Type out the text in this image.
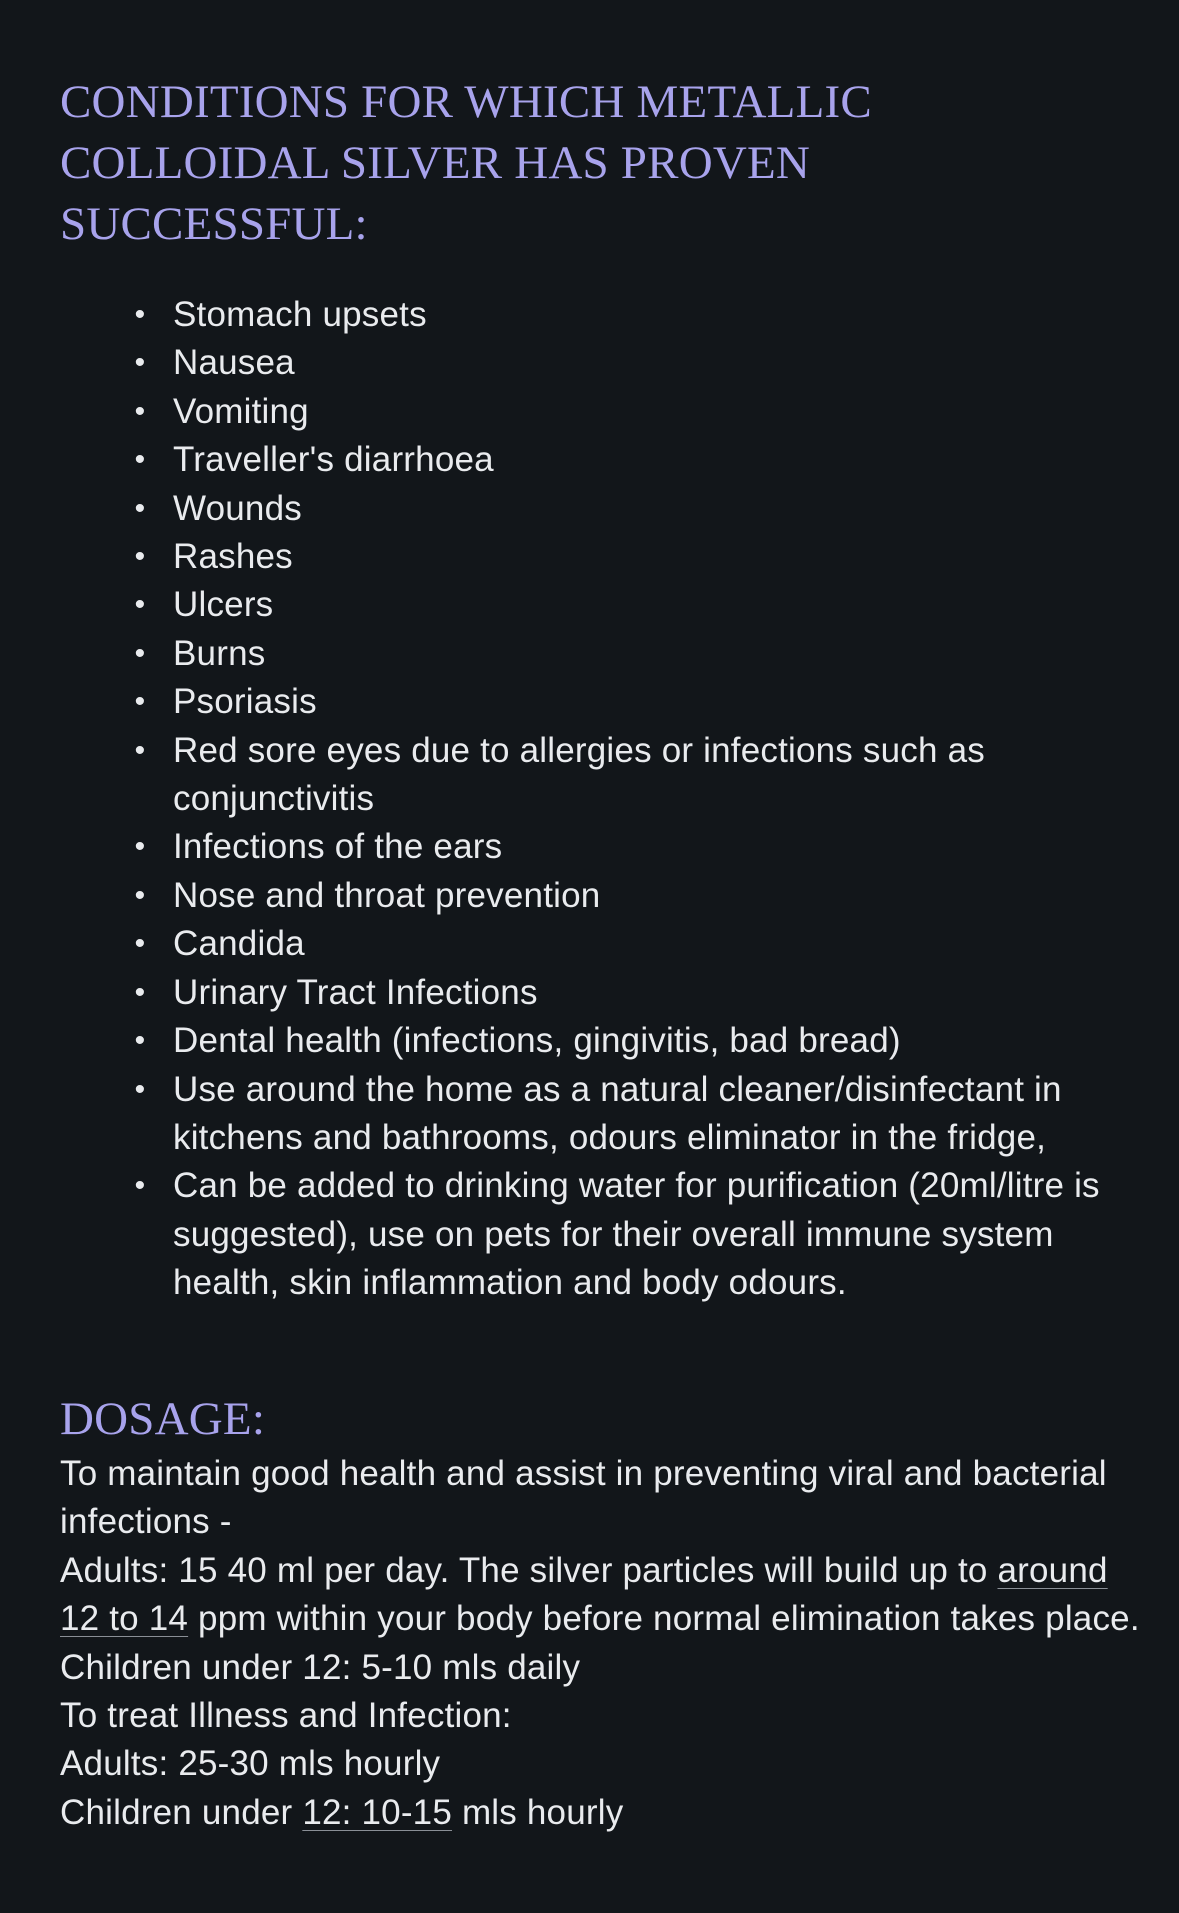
CONDITIONS FOR WHICH METALLIC COLLOIDAL SILVER HAS PROVEN SUCCESSFUL:
• Stomach upsets
• Nausea
• Vomiting
• Traveller's diarrhoea
• Wounds
• Rashes
• Ulcers
• Burns
• Psoriasis
• Red sore eyes due to allergies or infections such as conjunctivitis
• Infections of the ears
• Nose and throat prevention
• Candida
• Urinary Tract Infections
• Dental health (infections, gingivitis, bad bread)
• Use around the home as a natural cleaner/disinfectant in kitchens and bathrooms, odours eliminator in the fridge,
• Can be added to drinking water for purification (20ml/litre is suggested), use on pets for their overall immune system health, skin inflammation and body odours.
DOSAGE:

To maintain good health and assist in preventing viral and bacterial infections -

Adults: 15 40 ml per day. The silver particles will build up to around 12 to 14 ppm within your body before normal elimination takes place.

Children under 12: 5-10 mls daily

To treat Illness and Infection:

Adults: 25-30 mls hourly

Children under 12: 10-15 mls hourly
